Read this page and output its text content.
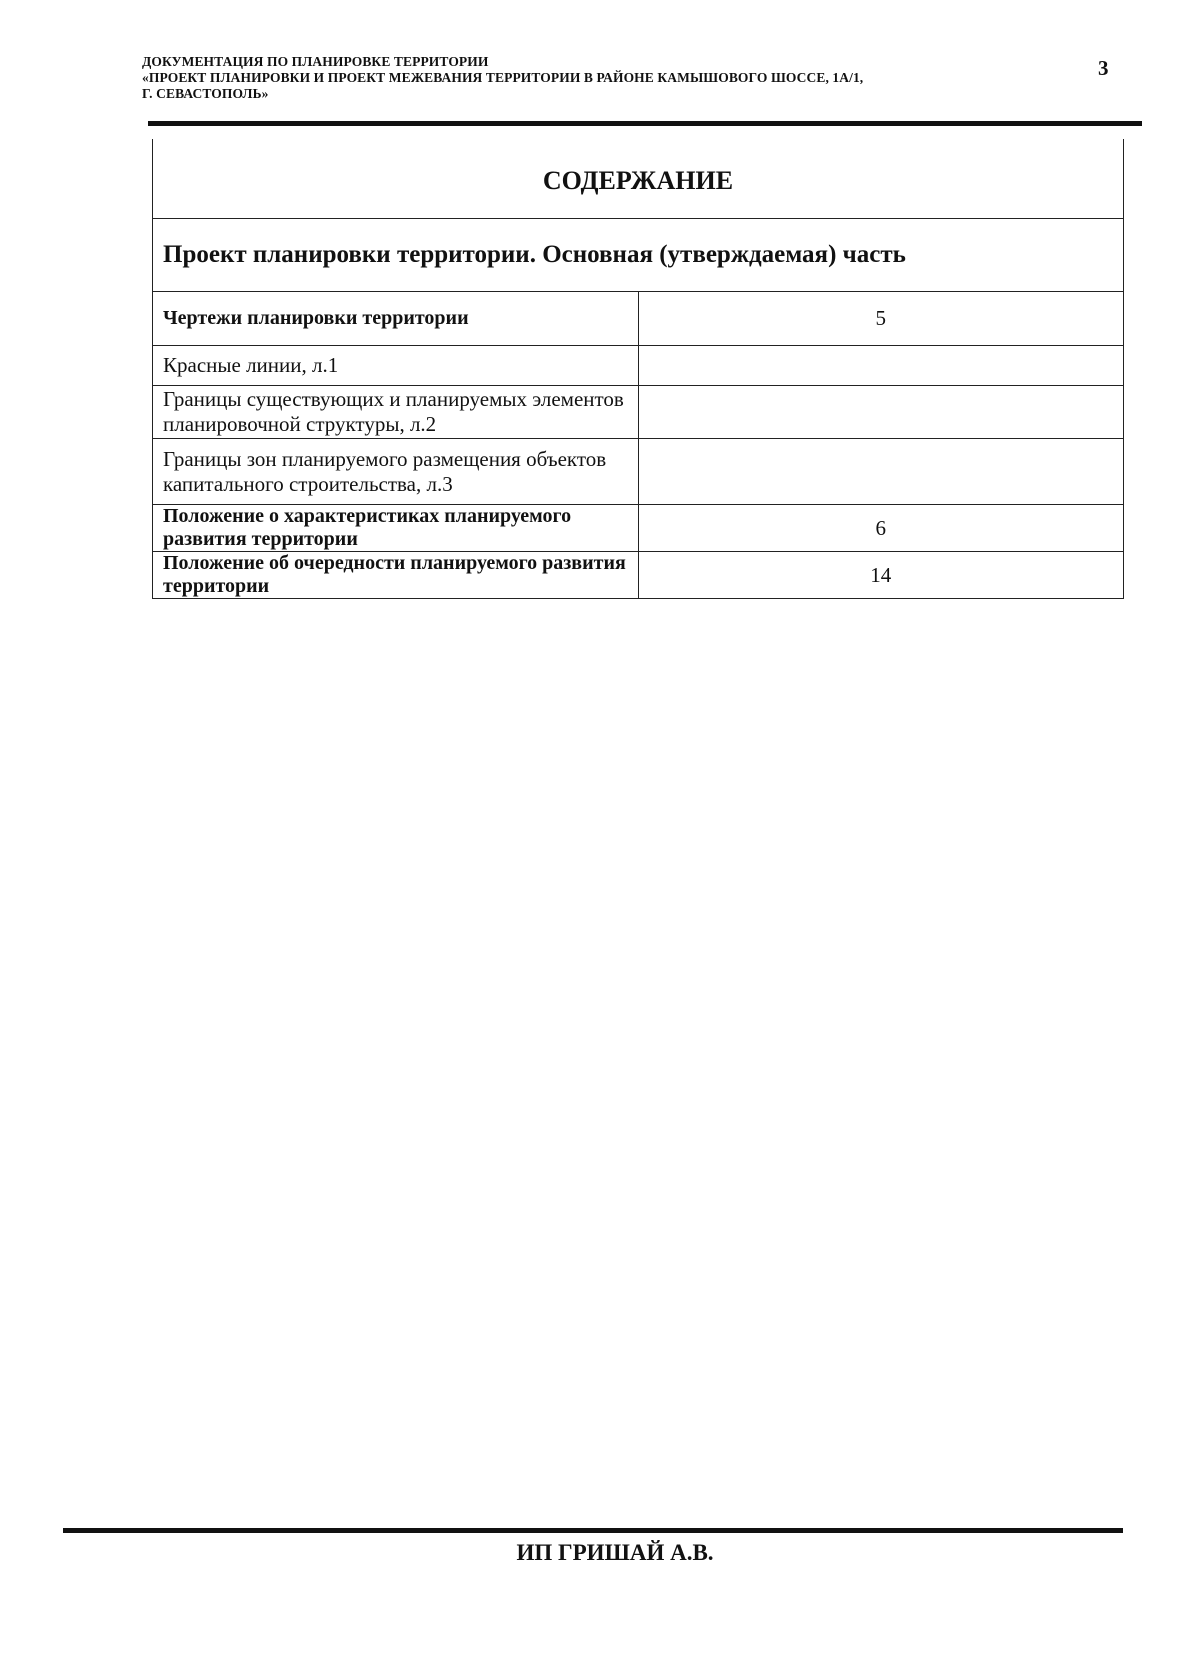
ДОКУМЕНТАЦИЯ ПО ПЛАНИРОВКЕ ТЕРРИТОРИИ
«ПРОЕКТ ПЛАНИРОВКИ И ПРОЕКТ МЕЖЕВАНИЯ ТЕРРИТОРИИ В РАЙОНЕ КАМЫШОВОГО ШОССЕ, 1А/1,
Г. СЕВАСТОПОЛЬ»
3
СОДЕРЖАНИЕ	
Проект планировки территории. Основная (утверждаемая) часть	
Чертежи планировки территории	5
Красные линии, л.1	
Границы существующих и планируемых элементов планировочной структуры, л.2	
Границы зон планируемого размещения объектов капитального строительства, л.3	
Положение о характеристиках планируемого развития территории	6
Положение об очередности планируемого развития территории	14
ИП ГРИШАЙ А.В.
